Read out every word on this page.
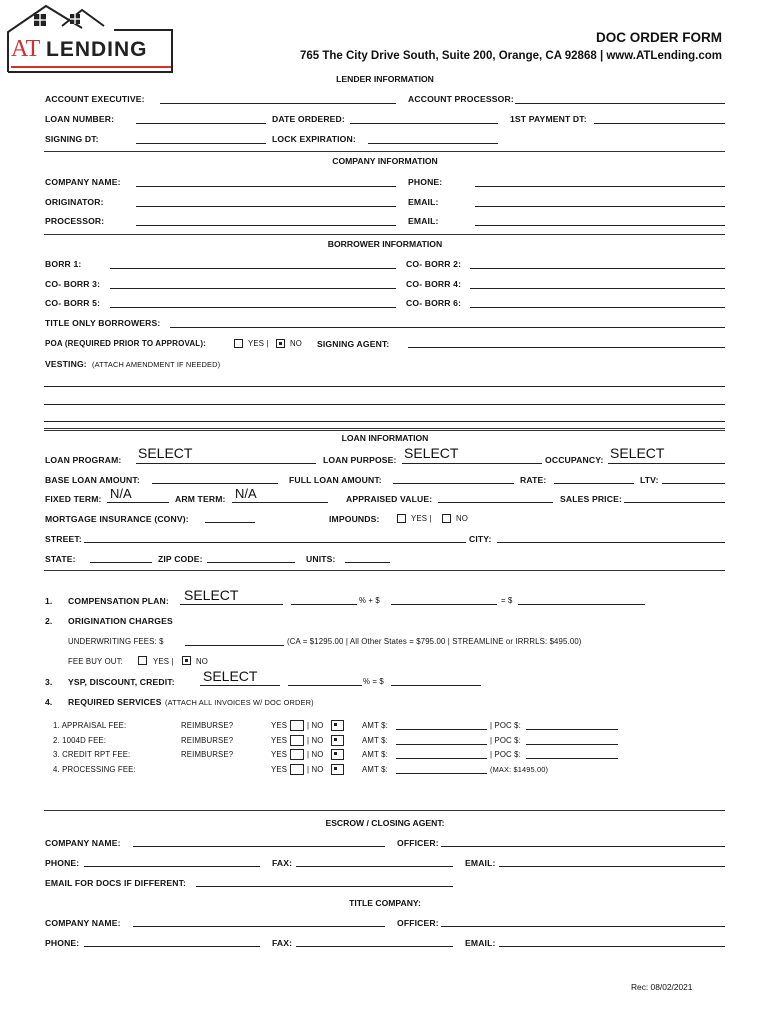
AT LENDING
DOC ORDER FORM
765 The City Drive South, Suite 200, Orange, CA 92868 | www.ATLending.com
LENDER INFORMATION
ACCOUNT EXECUTIVE:	ACCOUNT PROCESSOR:
LOAN NUMBER:	DATE ORDERED:	1ST PAYMENT DT:
SIGNING DT:	LOCK EXPIRATION:
COMPANY INFORMATION
COMPANY NAME:	PHONE:
ORIGINATOR:	EMAIL:
PROCESSOR:	EMAIL:
BORROWER INFORMATION
BORR 1:	CO- BORR 2:
CO- BORR 3:	CO- BORR 4:
CO- BORR 5:	CO- BORR 6:
TITLE ONLY BORROWERS:
POA (REQUIRED PRIOR TO APPROVAL):	YES |	NO SIGNING AGENT:
VESTING: (ATTACH AMENDMENT IF NEEDED)
LOAN INFORMATION
LOAN PROGRAM: SELECT	LOAN PURPOSE: SELECT	OCCUPANCY: SELECT
BASE LOAN AMOUNT:	FULL LOAN AMOUNT:	RATE:	LTV:
FIXED TERM: N/A	ARM TERM: N/A	APPRAISED VALUE:	SALES PRICE:
MORTGAGE INSURANCE (CONV):	IMPOUNDS:	YES |	NO
STREET:	CITY:
STATE:	ZIP CODE:	UNITS:
1. COMPENSATION PLAN: SELECT	% + $	= $
2. ORIGINATION CHARGES
UNDERWRITING FEES: $	(CA = $1295.00 | All Other States = $795.00 | STREAMLINE or IRRRLS: $495.00)
FEE BUY OUT:	YES |	NO
3. YSP, DISCOUNT, CREDIT: SELECT	% = $
4. REQUIRED SERVICES (ATTACH ALL INVOICES W/ DOC ORDER)
1. APPRAISAL FEE:	REIMBURSE?	YES	| NO	AMT $:	| POC $:
2. 1004D FEE:	REIMBURSE?	YES	| NO	AMT $:	| POC $:
3. CREDIT RPT FEE:	REIMBURSE?	YES	| NO	AMT $:	| POC $:
4. PROCESSING FEE:	YES	| NO	AMT $:	(MAX: $1495.00)
ESCROW / CLOSING AGENT:
COMPANY NAME:	OFFICER:
PHONE:	FAX:	EMAIL:
EMAIL FOR DOCS IF DIFFERENT:
TITLE COMPANY:
COMPANY NAME:	OFFICER:
PHONE:	FAX:	EMAIL:
Rec: 08/02/2021
